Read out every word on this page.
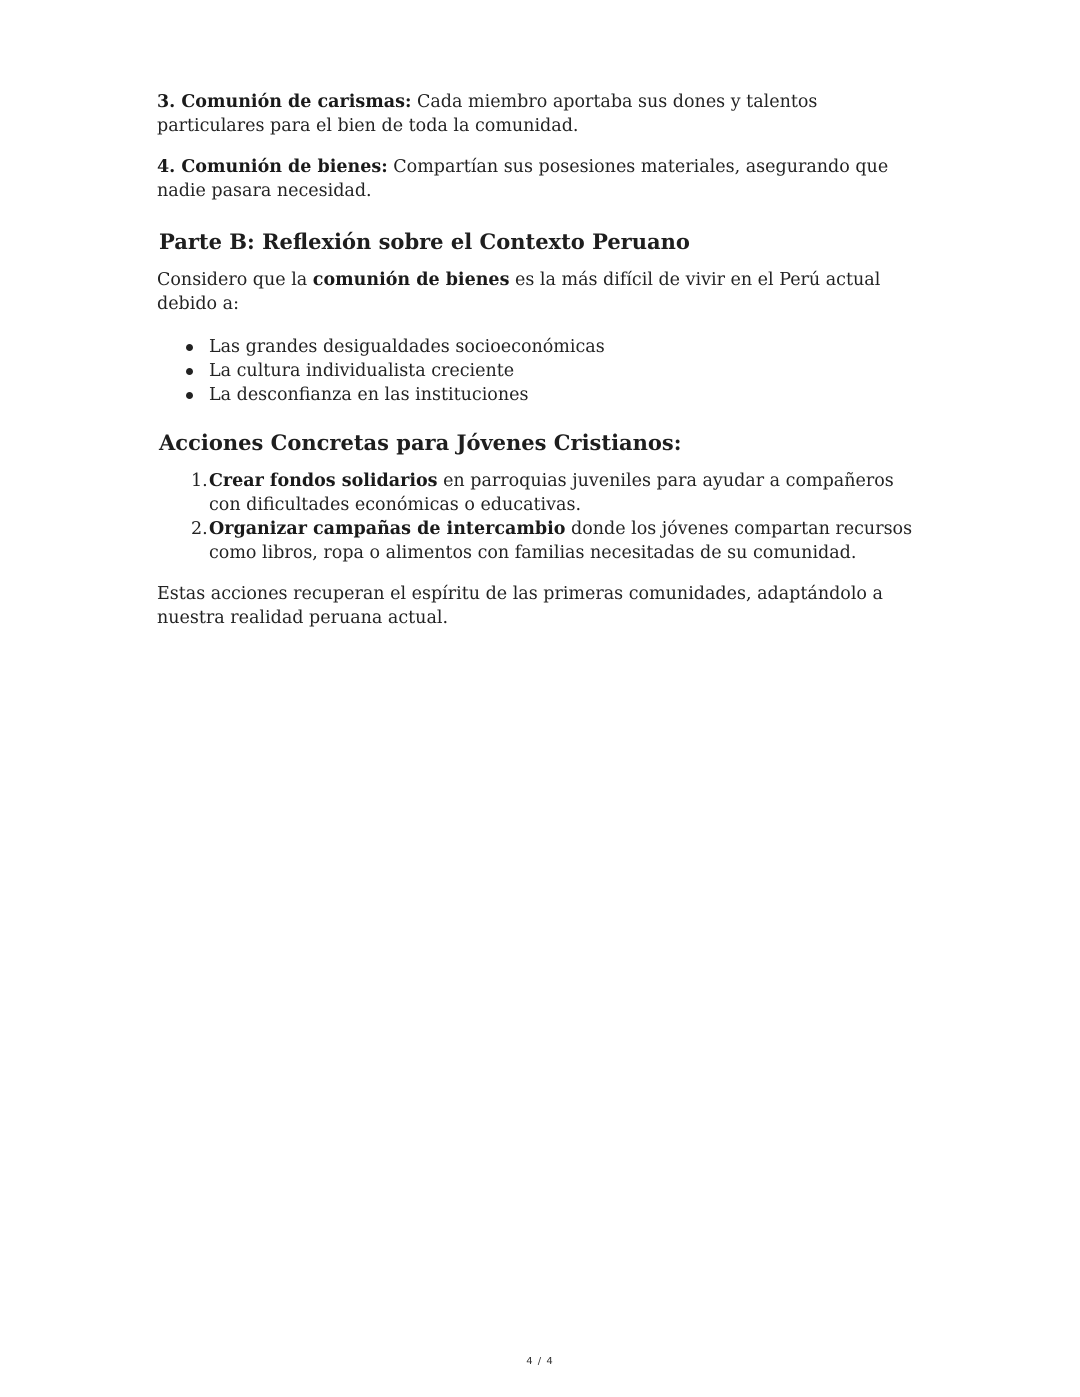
3. Comunión de carismas: Cada miembro aportaba sus dones y talentos particulares para el bien de toda la comunidad.

4. Comunión de bienes: Compartían sus posesiones materiales, asegurando que nadie pasara necesidad.

Parte B: Reflexión sobre el Contexto Peruano

Considero que la comunión de bienes es la más difícil de vivir en el Perú actual debido a:

Las grandes desigualdades socioeconómicas
La cultura individualista creciente
La desconfianza en las instituciones
Acciones Concretas para Jóvenes Cristianos:
1. Crear fondos solidarios en parroquias juveniles para ayudar a compañeros con dificultades económicas o educativas.
2. Organizar campañas de intercambio donde los jóvenes compartan recursos como libros, ropa o alimentos con familias necesitadas de su comunidad.

Estas acciones recuperan el espíritu de las primeras comunidades, adaptándolo a nuestra realidad peruana actual.

4 / 4
